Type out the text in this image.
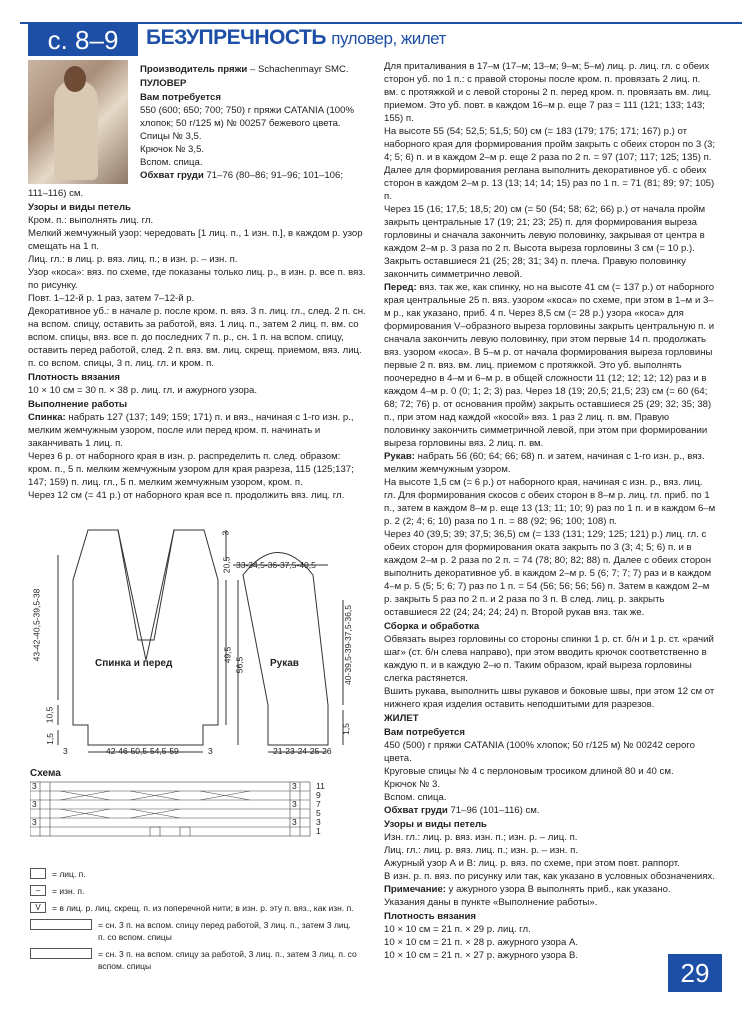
с. 8–9	БЕЗУПРЕЧНОСТЬ пуловер, жилет

Производитель пряжи – Schachenmayr SMC.

ПУЛОВЕР

Вам потребуется

550 (600; 650; 700; 750) г пряжи CATANIA (100% хлопок; 50 г/125 м) № 00257 бежевого цвета.

Спицы № 3,5.

Крючок № 3,5.

Вспом. спица.

Обхват груди 71–76 (80–86; 91–96; 101–106;

111–116) см.

Узоры и виды петель

Кром. п.: выполнять лиц. гл.

Мелкий жемчужный узор: чередовать [1 лиц. п., 1 изн. п.], в каждом р. узор смещать на 1 п.

Лиц. гл.: в лиц. р. вяз. лиц. п.; в изн. р. – изн. п.

Узор «коса»: вяз. по схеме, где показаны только лиц. р., в изн. р. все п. вяз. по рисунку.

Повт. 1–12-й р. 1 раз, затем 7–12-й р.

Декоративное уб.: в начале р. после кром. п. вяз. 3 п. лиц. гл., след. 2 п. сн. на вспом. спицу, оставить за работой, вяз. 1 лиц. п., затем 2 лиц. п. вм. со вспом. спицы, вяз. все п. до последних 7 п. р., сн. 1 п. на вспом. спицу, оставить перед работой, след. 2 п. вяз. вм. лиц. скрещ. приемом, вяз. лиц. п. со вспом. спицы, 3 п. лиц. гл. и кром. п.

Плотность вязания

10 × 10 см = 30 п. × 38 р. лиц. гл. и ажурного узора.

Выполнение работы

Спинка: набрать 127 (137; 149; 159; 171) п. и вяз., начиная с 1-го изн. р., мелким жемчужным узором, после или перед кром. п. начинать и заканчивать 1 лиц. п.

Через 6 р. от наборного края в изн. р. распределить п. след. образом: кром. п., 5 п. мелким жемчужным узором для края разреза, 115 (125;137; 147; 159) п. лиц. гл., 5 п. мелким жемчужным узором, кром. п.

Через 12 см (= 41 р.) от наборного края все п. продолжить вяз. лиц. гл.

Для приталивания в 17–м (17–м; 13–м; 9–м; 5–м) лиц. р. лиц. гл. с обеих сторон уб. по 1 п.: с правой стороны после кром. п. провязать 2 лиц. п. вм. с протяжкой и с левой стороны 2 п. перед кром. п. провязать вм. лиц. приемом. Это уб. повт. в каждом 16–м р. еще 7 раз = 111 (121; 133; 143; 155) п.

На высоте 55 (54; 52,5; 51,5; 50) см (= 183 (179; 175; 171; 167) р.) от наборного края для формирования пройм закрыть с обеих сторон по 3 (3; 4; 5; 6) п. и в каждом 2–м р. еще 2 раза по 2 п. = 97 (107; 117; 125; 135) п.

Далее для формирования реглана выполнить декоративное уб. с обеих сторон в каждом 2–м р. 13 (13; 14; 14; 15) раз по 1 п. = 71 (81; 89; 97; 105) п.

Через 15 (16; 17,5; 18,5; 20) см (= 50 (54; 58; 62; 66) р.) от начала пройм закрыть центральные 17 (19; 21; 23; 25) п. для формирования выреза горловины и сначала закончить левую половинку, закрывая от центра в каждом 2–м р. 3 раза по 2 п. Высота выреза горловины 3 см (= 10 р.). Закрыть оставшиеся 21 (25; 28; 31; 34) п. плеча. Правую половинку закончить симметрично левой.

Перед: вяз. так же, как спинку, но на высоте 41 см (= 137 р.) от наборного края центральные 25 п. вяз. узором «коса» по схеме, при этом в 1–м и 3–м р., как указано, приб. 4 п. Через 8,5 см (= 28 р.) узора «коса» для формирования V–образного выреза горловины закрыть центральную п. и сначала закончить левую половинку, при этом первые 14 п. продолжать вяз. узором «коса». В 5–м р. от начала формирования выреза горловины первые 2 п. вяз. вм. лиц. приемом с протяжкой. Это уб. выполнять поочередно в 4–м и 6–м р. в общей сложности 11 (12; 12; 12; 12) раз и в каждом 4–м р. 0 (0; 1; 2; 3) раз. Через 18 (19; 20,5; 21,5; 23) см (= 60 (64; 68; 72; 76) р. от основания пройм) закрыть оставшиеся 25 (29; 32; 35; 38) п., при этом над каждой «косой» вяз. 1 раз 2 лиц. п. вм. Правую половинку закончить симметричной левой, при этом при формировании выреза горловины вяз. 2 лиц. п. вм.

Рукав: набрать 56 (60; 64; 66; 68) п. и затем, начиная с 1-го изн. р., вяз. мелким жемчужным узором.

На высоте 1,5 см (= 6 р.) от наборного края, начиная с изн. р., вяз. лиц. гл. Для формирования скосов с обеих сторон в 8–м р. лиц. гл. приб. по 1 п., затем в каждом 8–м р. еще 13 (13; 11; 10; 9) раз по 1 п. и в каждом 6–м р. 2 (2; 4; 6; 10) раза по 1 п. = 88 (92; 96; 100; 108) п.

Через 40 (39,5; 39; 37,5; 36,5) см (= 133 (131; 129; 125; 121) р.) лиц. гл. с обеих сторон для формирования оката закрыть по 3 (3; 4; 5; 6) п. и в каждом 2–м р. 2 раза по 2 п. = 74 (78; 80; 82; 88) п. Далее с обеих сторон выполнить декоративное уб. в каждом 2–м р. 5 (6; 7; 7; 7) раз и в каждом 4–м р. 5 (5; 5; 6; 7) раз по 1 п. = 54 (56; 56; 56; 56) п. Затем в каждом 2–м р. закрыть 5 раз по 2 п. и 2 раза по 3 п. В след. лиц. р. закрыть оставшиеся 22 (24; 24; 24; 24) п. Второй рукав вяз. так же.

Сборка и обработка

Обвязать вырез горловины со стороны спинки 1 р. ст. б/н и 1 р. ст. «рачий шаг» (ст. б/н слева направо), при этом вводить крючок соответственно в каждую п. и в каждую 2–ю п. Таким образом, край выреза горловины слегка растянется.

Вшить рукава, выполнить швы рукавов и боковые швы, при этом 12 см от нижнего края изделия оставить неподшитыми для разрезов.

ЖИЛЕТ

Вам потребуется

450 (500) г пряжи CATANIA (100% хлопок; 50 г/125 м) № 00242 серого цвета.

Круговые спицы № 4 с перлоновым тросиком длиной 80 и 40 см.

Крючок № 3.

Вспом. спица.

Обхват груди 71–96 (101–116) см.

Узоры и виды петель

Изн. гл.: лиц. р. вяз. изн. п.; изн. р. – лиц. п.

Лиц. гл.: лиц. р. вяз. лиц. п.; изн. р. – изн. п.

Ажурный узор А и В: лиц. р. вяз. по схеме, при этом повт. раппорт.

В изн. р. п. вяз. по рисунку или так, как указано в условных обозначениях.

Примечание: у ажурного узора В выполнять приб., как указано.

Указания даны в пункте «Выполнение работы».

Плотность вязания

10 × 10 см = 21 п. × 29 р. лиц. гл.

10 × 10 см = 21 п. × 28 р. ажурного узора А.

10 × 10 см = 21 п. × 27 р. ажурного узора В.

Спинка и перед	Рукав
33-34,5-36-37,5-40,5
43-42-40,5-39,5-38
20,5
3
49,5
56,5
10,5
1,5
3	42-46-50,5-54,5-59	3
40-39,5-39-37,5-36,5
21-23-24-25-26
1,5
Схема
11
9
7
5
3
1
3	3
3	3
3	3
= лиц. п.
–	= изн. п.
V	= в лиц. р. лиц. скрещ. п. из поперечной нити; в изн. р. эту п. вяз., как изн. п.
= сн. 3 п. на вспом. спицу перед работой, 3 лиц. п., затем 3 лиц. п. со вспом. спицы
= сн. 3 п. на вспом. спицу за работой, 3 лиц. п., затем 3 лиц. п. со вспом. спицы	29
